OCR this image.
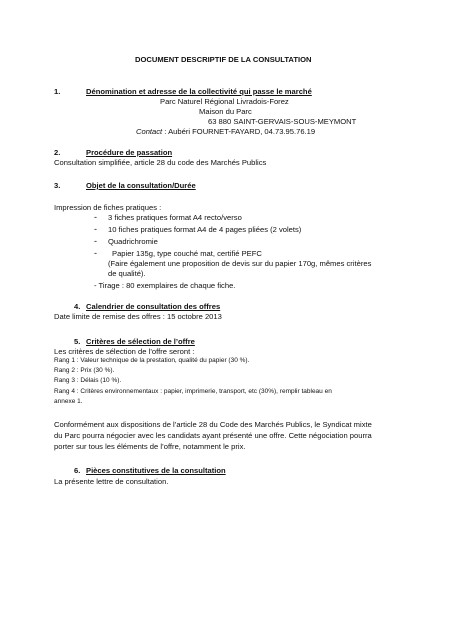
DOCUMENT DESCRIPTIF DE LA CONSULTATION
1.	Dénomination et adresse de la collectivité qui passe le marché
Parc Naturel Régional Livradois-Forez
Maison du Parc
63 880 SAINT-GERVAIS-SOUS-MEYMONT
Contact : Aubéri FOURNET-FAYARD, 04.73.95.76.19
2.	Procédure de passation
Consultation simplifiée, article 28 du code des Marchés Publics
3.	Objet de la consultation/Durée
Impression de fiches pratiques :
- 3 fiches pratiques format A4 recto/verso
- 10 fiches pratiques format A4 de 4 pages pliées (2 volets)
- Quadrichromie
- Papier 135g, type couché mat, certifié PEFC
(Faire également une proposition de devis sur du papier 170g, mêmes critères
de qualité).
- Tirage : 80 exemplaires de chaque fiche.
4. Calendrier de consultation des offres
Date limite de remise des offres : 15 octobre 2013
5. Critères de sélection de l’offre
Les critères de sélection de l’offre seront :
Rang 1 : Valeur technique de la prestation, qualité du papier (30 %).
Rang 2 : Prix (30 %).
Rang 3 : Délais (10 %).
Rang 4 : Critères environnementaux : papier, imprimerie, transport, etc (30%), remplir tableau en
annexe 1.
Conformément aux dispositions de l’article 28 du Code des Marchés Publics, le Syndicat mixte
du Parc pourra négocier avec les candidats ayant présenté une offre. Cette négociation pourra
porter sur tous les éléments de l’offre, notamment le prix.
6. Pièces constitutives de la consultation
La présente lettre de consultation.
